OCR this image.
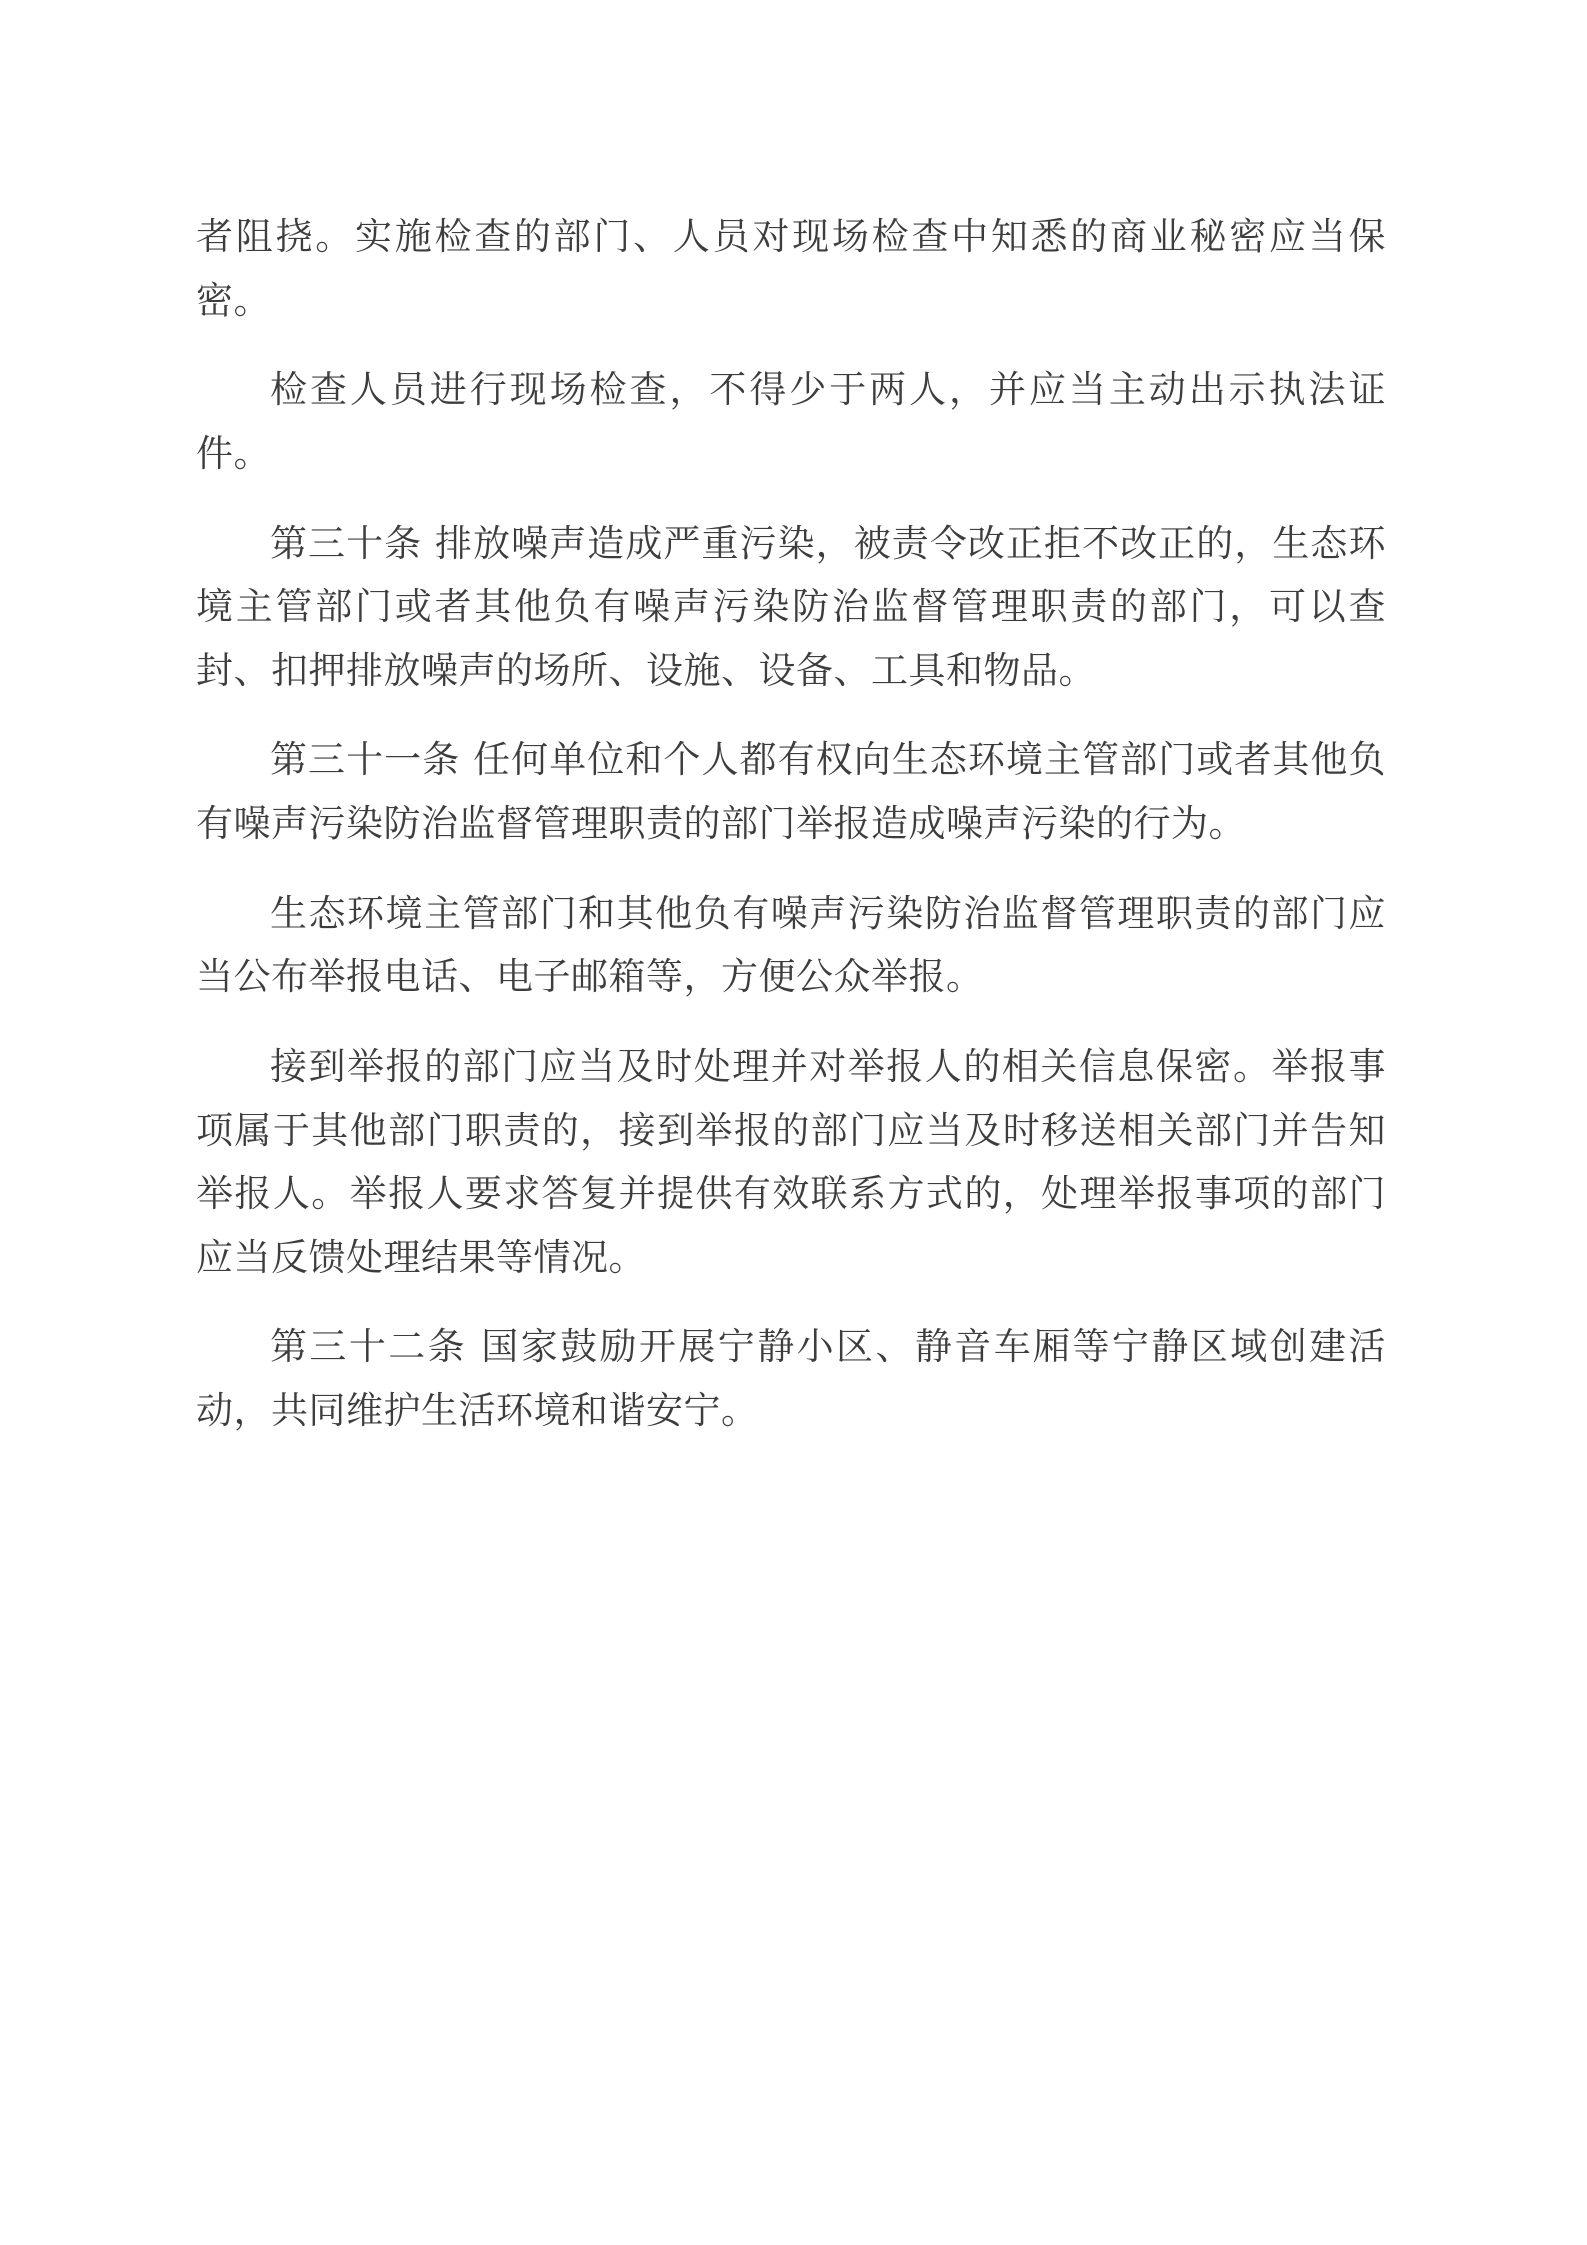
者阻挠。实施检查的部门、人员对现场检查中知悉的商业秘密应当保密。

检查人员进行现场检查，不得少于两人，并应当主动出示执法证件。

第三十条 排放噪声造成严重污染，被责令改正拒不改正的，生态环境主管部门或者其他负有噪声污染防治监督管理职责的部门，可以查封、扣押排放噪声的场所、设施、设备、工具和物品。

第三十一条 任何单位和个人都有权向生态环境主管部门或者其他负有噪声污染防治监督管理职责的部门举报造成噪声污染的行为。

生态环境主管部门和其他负有噪声污染防治监督管理职责的部门应当公布举报电话、电子邮箱等，方便公众举报。

接到举报的部门应当及时处理并对举报人的相关信息保密。举报事项属于其他部门职责的，接到举报的部门应当及时移送相关部门并告知举报人。举报人要求答复并提供有效联系方式的，处理举报事项的部门应当反馈处理结果等情况。

第三十二条 国家鼓励开展宁静小区、静音车厢等宁静区域创建活动，共同维护生活环境和谐安宁。
